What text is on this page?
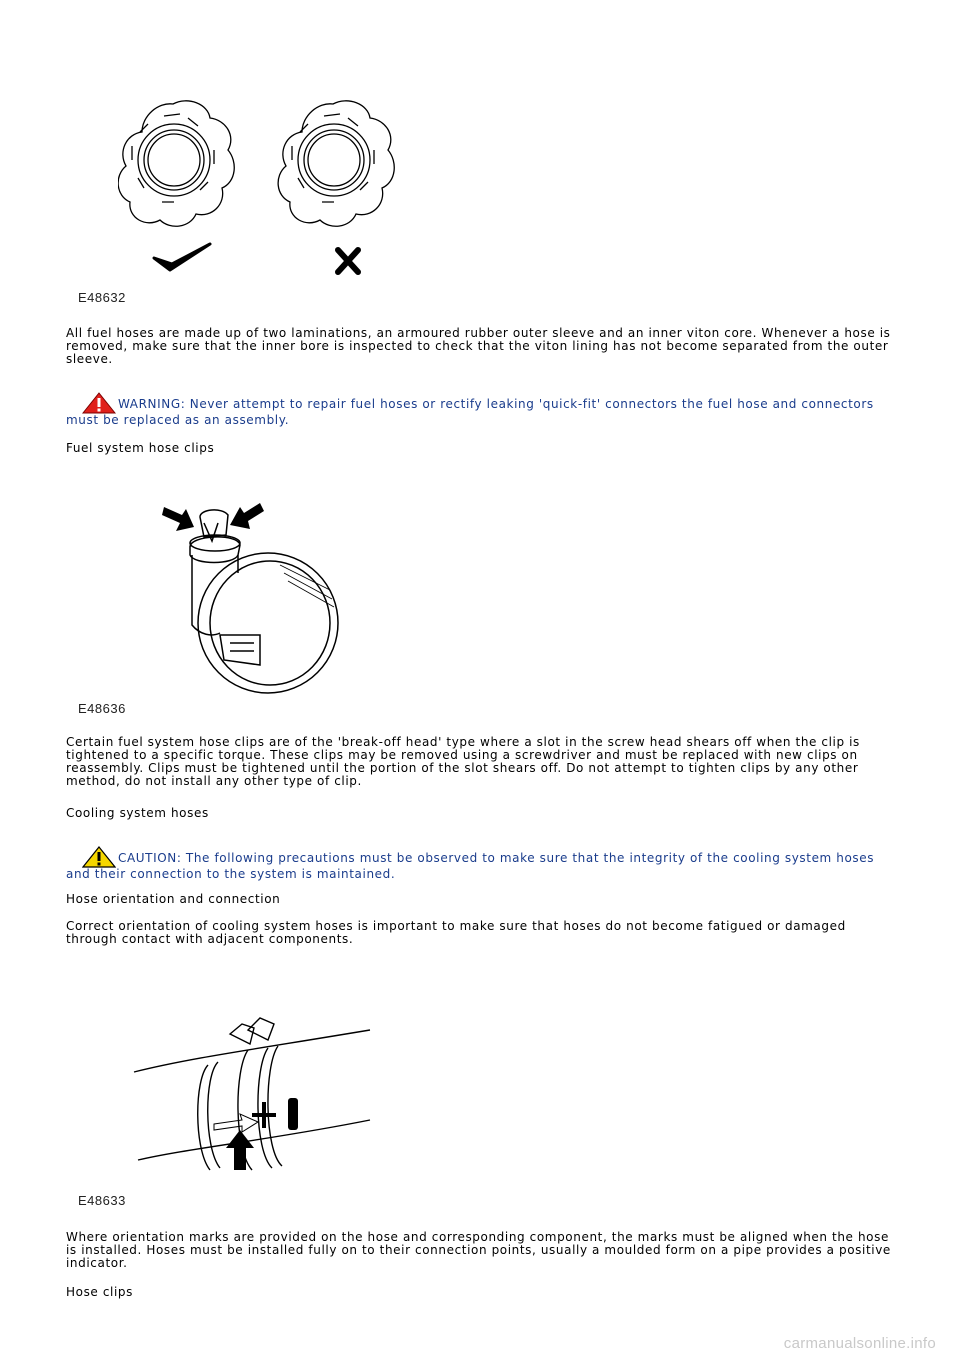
E48632
All fuel hoses are made up of two laminations, an armoured rubber outer sleeve and an inner viton core. Whenever a hose is removed, make sure that the inner bore is inspected to check that the viton lining has not become separated from the outer sleeve.
WARNING: Never attempt to repair fuel hoses or rectify leaking 'quick-fit' connectors the fuel hose and connectors must be replaced as an assembly.
Fuel system hose clips
E48636
Certain fuel system hose clips are of the 'break-off head' type where a slot in the screw head shears off when the clip is tightened to a specific torque. These clips may be removed using a screwdriver and must be replaced with new clips on reassembly. Clips must be tightened until the portion of the slot shears off. Do not attempt to tighten clips by any other method, do not install any other type of clip.
Cooling system hoses
CAUTION: The following precautions must be observed to make sure that the integrity of the cooling system hoses and their connection to the system is maintained.
Hose orientation and connection
Correct orientation of cooling system hoses is important to make sure that hoses do not become fatigued or damaged through contact with adjacent components.
E48633
Where orientation marks are provided on the hose and corresponding component, the marks must be aligned when the hose is installed. Hoses must be installed fully on to their connection points, usually a moulded form on a pipe provides a positive indicator.
Hose clips
carmanualsonline.info
